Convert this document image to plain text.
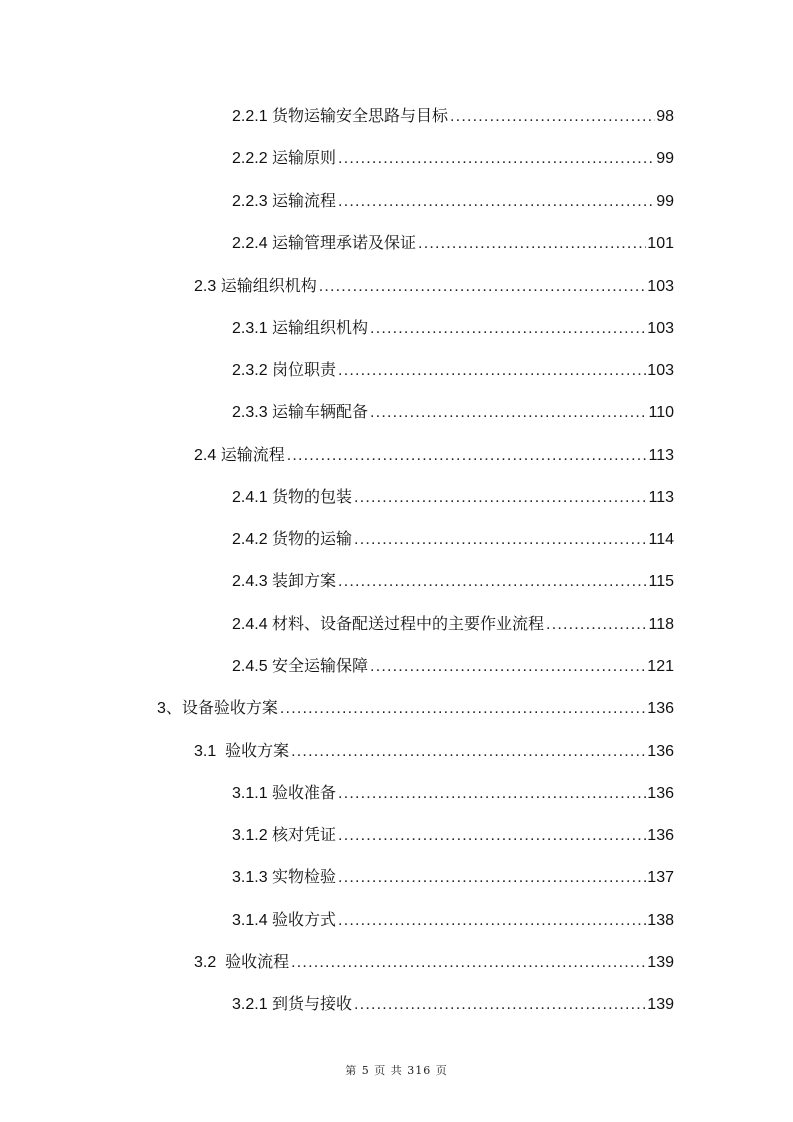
2.2.1 货物运输安全思路与目标 .....	98
2.2.2 运输原则 .....	99
2.2.3 运输流程 .....	99
2.2.4 运输管理承诺及保证 .....	101
2.3 运输组织机构 .....	103
2.3.1 运输组织机构 .....	103
2.3.2 岗位职责 .....	103
2.3.3 运输车辆配备 .....	110
2.4 运输流程 .....	113
2.4.1 货物的包装 .....	113
2.4.2 货物的运输 .....	114
2.4.3 装卸方案 .....	115
2.4.4 材料、设备配送过程中的主要作业流程 .....	118
2.4.5 安全运输保障 .....	121
3、设备验收方案 .....	136
3.1  验收方案 .....	136
3.1.1 验收准备 .....	136
3.1.2 核对凭证 .....	136
3.1.3 实物检验 .....	137
3.1.4 验收方式 .....	138
3.2  验收流程 .....	139
3.2.1 到货与接收 .....	139
第 5 页 共 316 页
